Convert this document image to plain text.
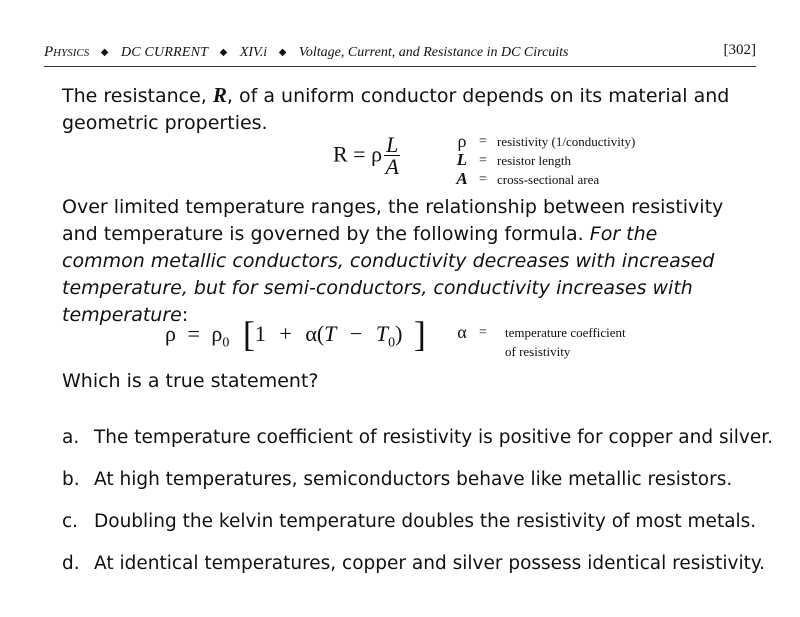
Physics ◆ DC CURRENT ◆ XIV.i ◆ Voltage, Current, and Resistance in DC Circuits	[302]
The resistance, R, of a uniform conductor depends on its material and geometric properties.
R = ρ $\frac{L}{A}$	ρ = resistivity (1/conductivity)
L = resistor length
A = cross-sectional area
Over limited temperature ranges, the relationship between resistivity and temperature is governed by the following formula. For the common metallic conductors, conductivity decreases with increased temperature, but for semi-conductors, conductivity increases with temperature:
$\rho = \rho_0$ [$1 + \alpha(T - T_0)$ ] α = temperature coefficient
of resistivity
Which is a true statement?
a. The temperature coefficient of resistivity is positive for copper and silver.
b. At high temperatures, semiconductors behave like metallic resistors.
c. Doubling the kelvin temperature doubles the resistivity of most metals.
d. At identical temperatures, copper and silver possess identical resistivity.
